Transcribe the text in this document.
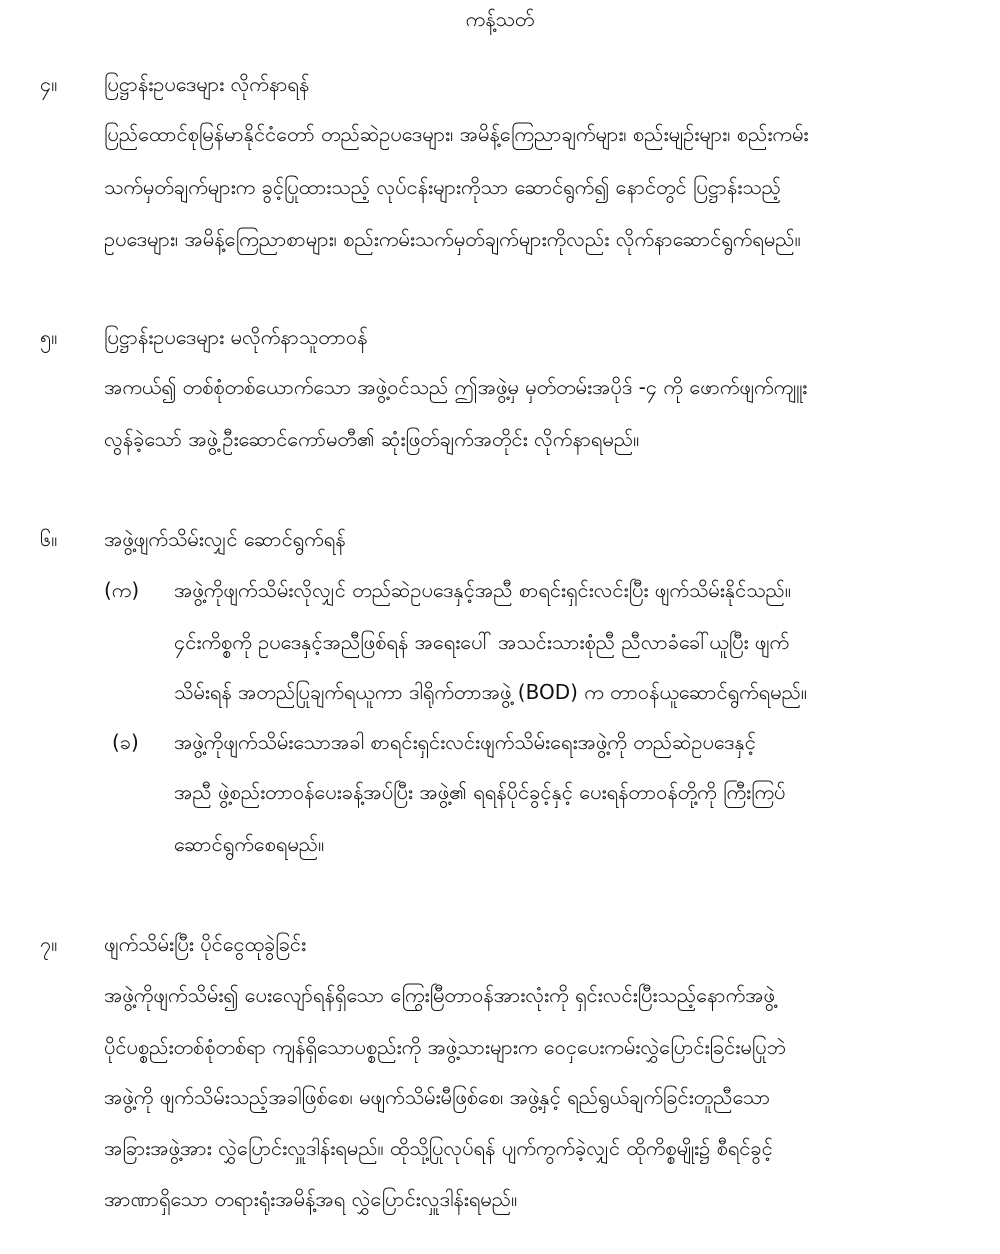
ကန့်သတ်
၄။ ပြဋ္ဌာန်းဥပဒေများ လိုက်နာရန်
ပြည်ထောင်စုမြန်မာနိုင်ငံတော် တည်ဆဲဥပဒေများ၊ အမိန့်ကြေညာချက်များ၊ စည်းမျဉ်းများ၊ စည်းကမ်း
သက်မှတ်ချက်များက ခွင့်ပြုထားသည့် လုပ်ငန်းများကိုသာ ဆောင်ရွက်၍ နောင်တွင် ပြဋ္ဌာန်းသည့်
ဥပဒေများ၊ အမိန့်ကြေညာစာများ၊ စည်းကမ်းသက်မှတ်ချက်များကိုလည်း လိုက်နာဆောင်ရွက်ရမည်။
၅။ ပြဋ္ဌာန်းဥပဒေများ မလိုက်နာသူတာဝန်
အကယ်၍ တစ်စုံတစ်ယောက်သော အဖွဲ့ဝင်သည် ဤအဖွဲ့မှ မှတ်တမ်းအပိုဒ် -၄ ကို ဖောက်ဖျက်ကျူး
လွန်ခဲ့သော် အဖွဲ့ဦးဆောင်ကော်မတီ၏ ဆုံးဖြတ်ချက်အတိုင်း လိုက်နာရမည်။
၆။ အဖွဲ့ဖျက်သိမ်းလျှင် ဆောင်ရွက်ရန်
(က) အဖွဲ့ကိုဖျက်သိမ်းလိုလျှင် တည်ဆဲဥပဒေနှင့်အညီ စာရင်းရှင်းလင်းပြီး ဖျက်သိမ်းနိုင်သည်။
၄င်းကိစ္စကို ဥပဒေနှင့်အညီဖြစ်ရန် အရေးပေါ် အသင်းသားစုံညီ ညီလာခံခေါ်ယူပြီး ဖျက်
သိမ်းရန် အတည်ပြုချက်ရယူကာ ဒါရိုက်တာအဖွဲ့ (BOD) က တာဝန်ယူဆောင်ရွက်ရမည်။
(ခ) အဖွဲ့ကိုဖျက်သိမ်းသောအခါ စာရင်းရှင်းလင်းဖျက်သိမ်းရေးအဖွဲ့ကို တည်ဆဲဥပဒေနှင့်
အညီ ဖွဲ့စည်းတာဝန်ပေးခန့်အပ်ပြီး အဖွဲ့၏ ရရန်ပိုင်ခွင့်နှင့် ပေးရန်တာဝန်တို့ကို ကြီးကြပ်
ဆောင်ရွက်စေရမည်။
၇။ ဖျက်သိမ်းပြီး ပိုင်ငွေထုခွဲခြင်း
အဖွဲ့ကိုဖျက်သိမ်း၍ ပေးလျော်ရန်ရှိသော ကြွေးမြီတာဝန်အားလုံးကို ရှင်းလင်းပြီးသည့်နောက်အဖွဲ့
ပိုင်ပစ္စည်းတစ်စုံတစ်ရာ ကျန်ရှိသောပစ္စည်းကို အဖွဲ့သားများက ဝေငှပေးကမ်းလွှဲပြောင်းခြင်းမပြုဘဲ
အဖွဲ့ကို ဖျက်သိမ်းသည့်အခါဖြစ်စေ၊ မဖျက်သိမ်းမီဖြစ်စေ၊ အဖွဲ့နှင့် ရည်ရွယ်ချက်ခြင်းတူညီသော
အခြားအဖွဲ့အား လွှဲပြောင်းလှူဒါန်းရမည်။ ထိုသို့ပြုလုပ်ရန် ပျက်ကွက်ခဲ့လျှင် ထိုကိစ္စမျိုး၌ စီရင်ခွင့်
အာဏာရှိသော တရားရုံးအမိန့်အရ လွှဲပြောင်းလှူဒါန်းရမည်။
